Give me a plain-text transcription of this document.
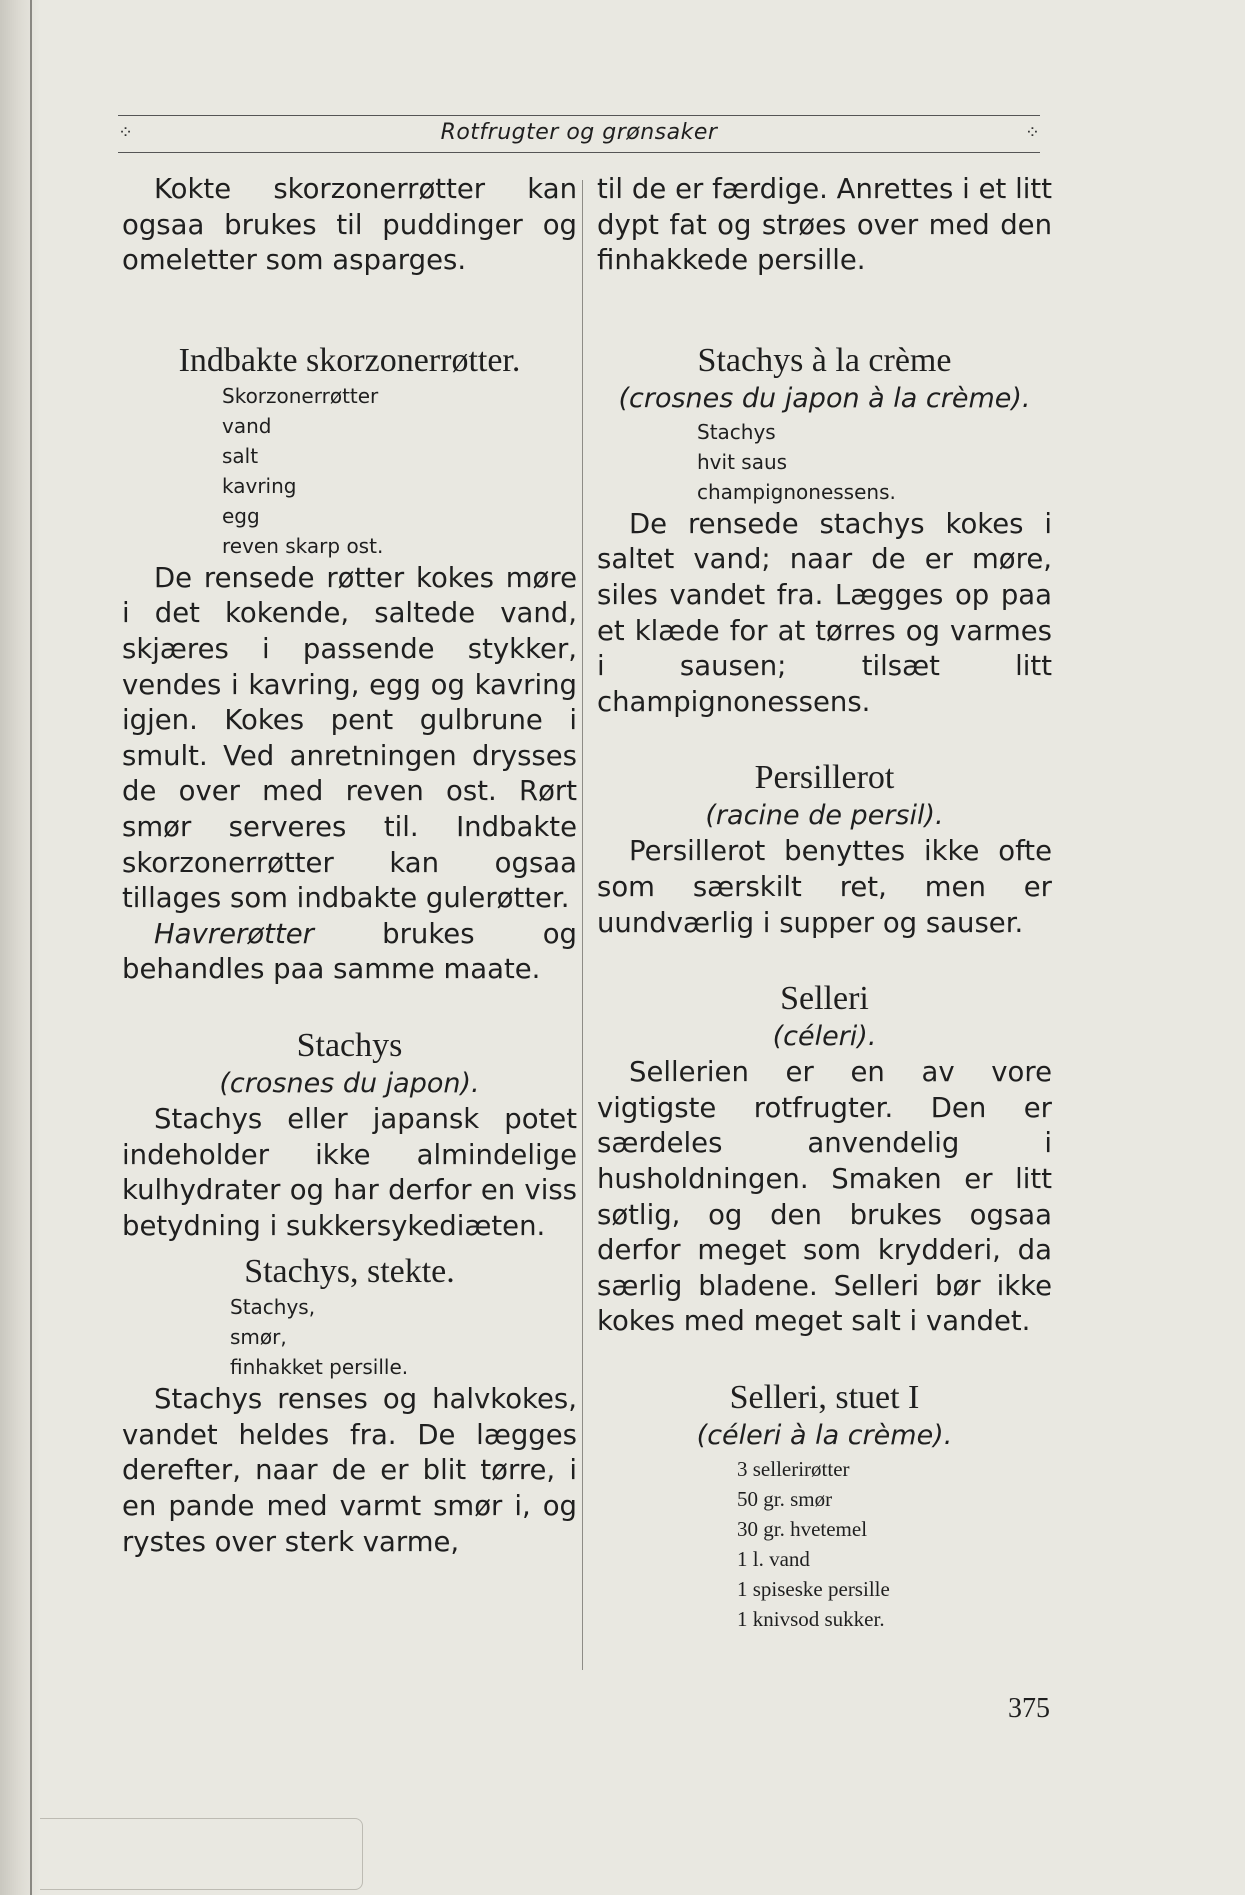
⁘	Rotfrugter og grønsaker	⁘

Kokte skorzonerrøtter kan ogsaa brukes til puddinger og omeletter som asparges.

Indbakte skorzonerrøtter.
Skorzonerrøtter
vand
salt
kavring
egg
reven skarp ost.

De rensede røtter kokes møre i det kokende, saltede vand, skjæres i passende stykker, vendes i kavring, egg og kavring igjen. Kokes pent gulbrune i smult. Ved anretningen drysses de over med reven ost. Rørt smør serveres til. Indbakte skorzonerrøtter kan ogsaa tillages som indbakte gulerøtter.

Havrerøtter brukes og behandles paa samme maate.

Stachys
(crosnes du japon).

Stachys eller japansk potet indeholder ikke almindelige kulhydrater og har derfor en viss betydning i sukkersykediæten.

Stachys, stekte.
Stachys,
smør,
finhakket persille.

Stachys renses og halvkokes, vandet heldes fra. De lægges derefter, naar de er blit tørre, i en pande med varmt smør i, og rystes over sterk varme,

til de er færdige. Anrettes i et litt dypt fat og strøes over med den finhakkede persille.

Stachys à la crème
(crosnes du japon à la crème).
Stachys
hvit saus
champignonessens.

De rensede stachys kokes i saltet vand; naar de er møre, siles vandet fra. Lægges op paa et klæde for at tørres og varmes i sausen; tilsæt litt champignonessens.

Persillerot
(racine de persil).

Persillerot benyttes ikke ofte som særskilt ret, men er uundværlig i supper og sauser.

Selleri
(céleri).

Sellerien er en av vore vigtigste rotfrugter. Den er særdeles anvendelig i husholdningen. Smaken er litt søtlig, og den brukes ogsaa derfor meget som krydderi, da særlig bladene. Selleri bør ikke kokes med meget salt i vandet.

Selleri, stuet I
(céleri à la crème).
3 sellerirøtter
50 gr. smør
30 gr. hvetemel
1 l. vand
1 spiseske persille
1 knivsod sukker.
375
